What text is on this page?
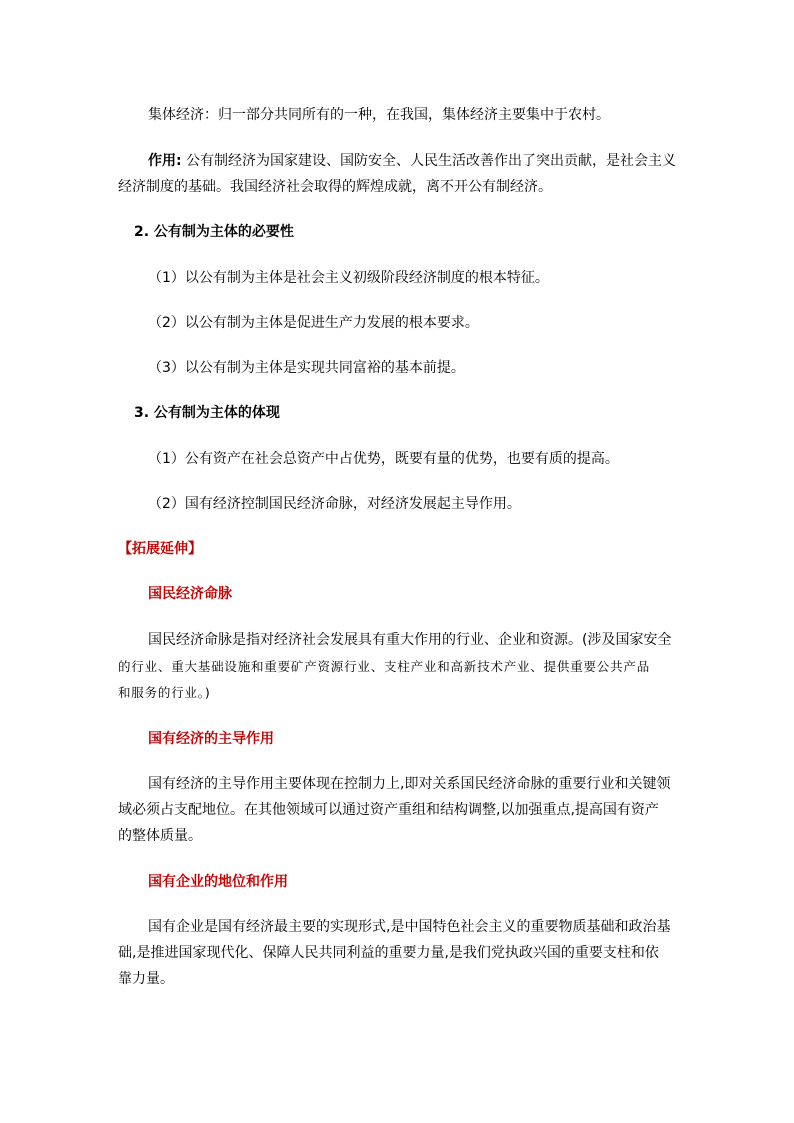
集体经济：归一部分共同所有的一种，在我国，集体经济主要集中于农村。
作用: 公有制经济为国家建设、国防安全、人民生活改善作出了突出贡献，是社会主义
经济制度的基础。我国经济社会取得的辉煌成就，离不开公有制经济。
2. 公有制为主体的必要性
（1）以公有制为主体是社会主义初级阶段经济制度的根本特征。
（2）以公有制为主体是促进生产力发展的根本要求。
（3）以公有制为主体是实现共同富裕的基本前提。
3. 公有制为主体的体现
（1）公有资产在社会总资产中占优势，既要有量的优势，也要有质的提高。
（2）国有经济控制国民经济命脉，对经济发展起主导作用。
【拓展延伸】
国民经济命脉
国民经济命脉是指对经济社会发展具有重大作用的行业、企业和资源。(涉及国家安全
的行业、重大基础设施和重要矿产资源行业、支柱产业和高新技术产业、提供重要公共产品
和服务的行业。)
国有经济的主导作用
国有经济的主导作用主要体现在控制力上,即对关系国民经济命脉的重要行业和关键领
域必须占支配地位。在其他领域可以通过资产重组和结构调整,以加强重点,提高国有资产
的整体质量。
国有企业的地位和作用
国有企业是国有经济最主要的实现形式,是中国特色社会主义的重要物质基础和政治基
础,是推进国家现代化、保障人民共同利益的重要力量,是我们党执政兴国的重要支柱和依
靠力量。
